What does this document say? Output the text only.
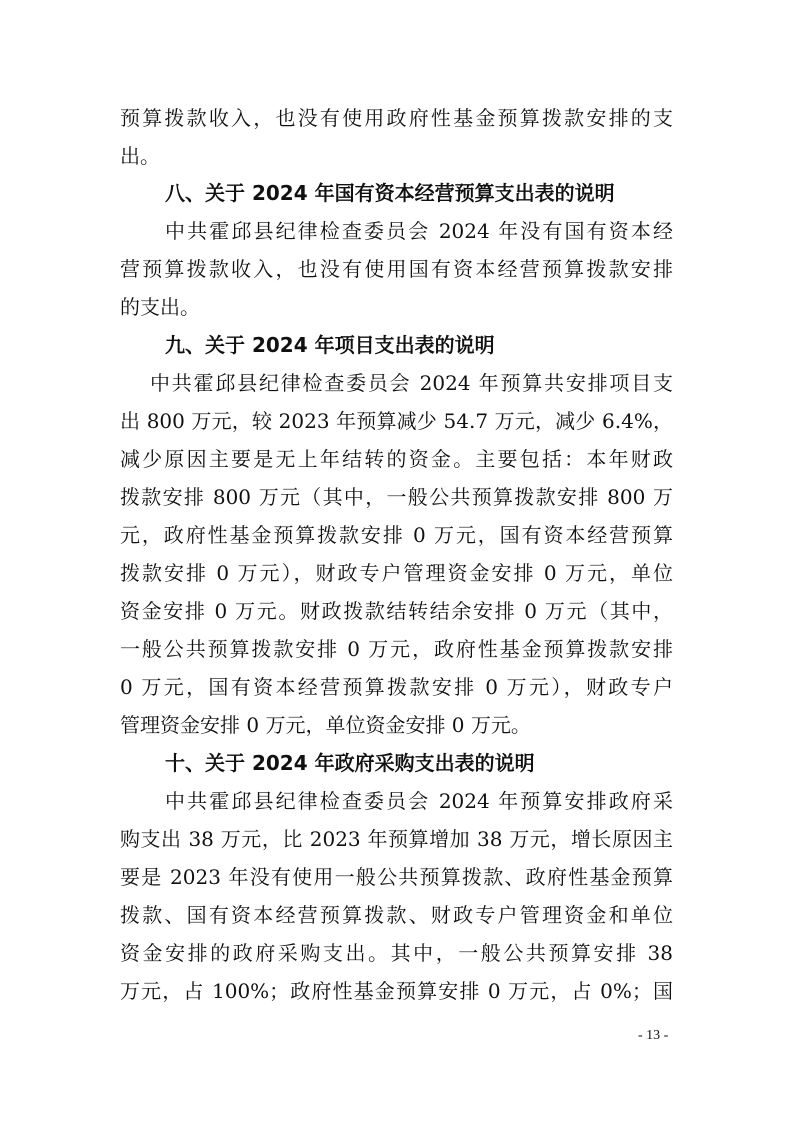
预算拨款收入，也没有使用政府性基金预算拨款安排的支
出。
八、关于 2024 年国有资本经营预算支出表的说明
中共霍邱县纪律检查委员会 2024 年没有国有资本经
营预算拨款收入，也没有使用国有资本经营预算拨款安排
的支出。
九、关于 2024 年项目支出表的说明
中共霍邱县纪律检查委员会 2024 年预算共安排项目支
出 800 万元，较 2023 年预算减少 54.7 万元，减少 6.4%，
减少原因主要是无上年结转的资金。主要包括：本年财政
拨款安排 800 万元（其中，一般公共预算拨款安排 800 万
元，政府性基金预算拨款安排 0 万元，国有资本经营预算
拨款安排 0 万元），财政专户管理资金安排 0 万元，单位
资金安排 0 万元。财政拨款结转结余安排 0 万元（其中，
一般公共预算拨款安排 0 万元，政府性基金预算拨款安排
0 万元，国有资本经营预算拨款安排 0 万元），财政专户
管理资金安排 0 万元，单位资金安排 0 万元。
十、关于 2024 年政府采购支出表的说明
中共霍邱县纪律检查委员会 2024 年预算安排政府采
购支出 38 万元，比 2023 年预算增加 38 万元，增长原因主
要是 2023 年没有使用一般公共预算拨款、政府性基金预算
拨款、国有资本经营预算拨款、财政专户管理资金和单位
资金安排的政府采购支出。其中，一般公共预算安排 38
万元，占 100%；政府性基金预算安排 0 万元，占 0%；国
- 13 -
